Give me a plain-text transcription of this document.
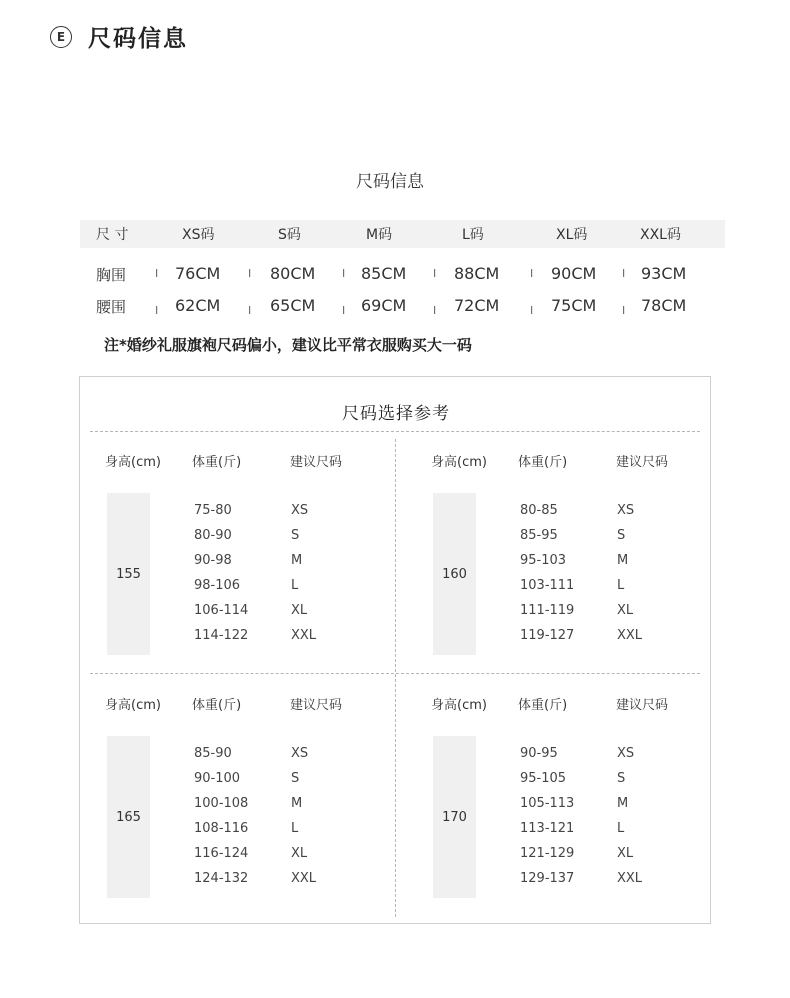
E 尺码信息
尺码信息
尺 寸	XS码	S码	M码	L码	XL码	XXL码
胸围	I 76CM	I 80CM I 85CM I 88CM	I 90CM I 93CM
腰围	I 62CM	I 65CM I 69CM I 72CM	I 75CM I 78CM
注*婚纱礼服旗袍尺码偏小，建议比平常衣服购买大一码
尺码选择参考
身高(cm) 体重(斤)	建议尺码
155
75-80	XS
80-90	S
90-98	M
98-106	L
106-114	XL
114-122	XXL
身高(cm) 体重(斤)	建议尺码
160
80-85	XS
85-95	S
95-103	M
103-111	L
111-119	XL
119-127	XXL
身高(cm) 体重(斤)	建议尺码
165
85-90	XS
90-100	S
100-108	M
108-116	L
116-124	XL
124-132	XXL
身高(cm) 体重(斤)	建议尺码
170
90-95	XS
95-105	S
105-113	M
113-121	L
121-129	XL
129-137	XXL
